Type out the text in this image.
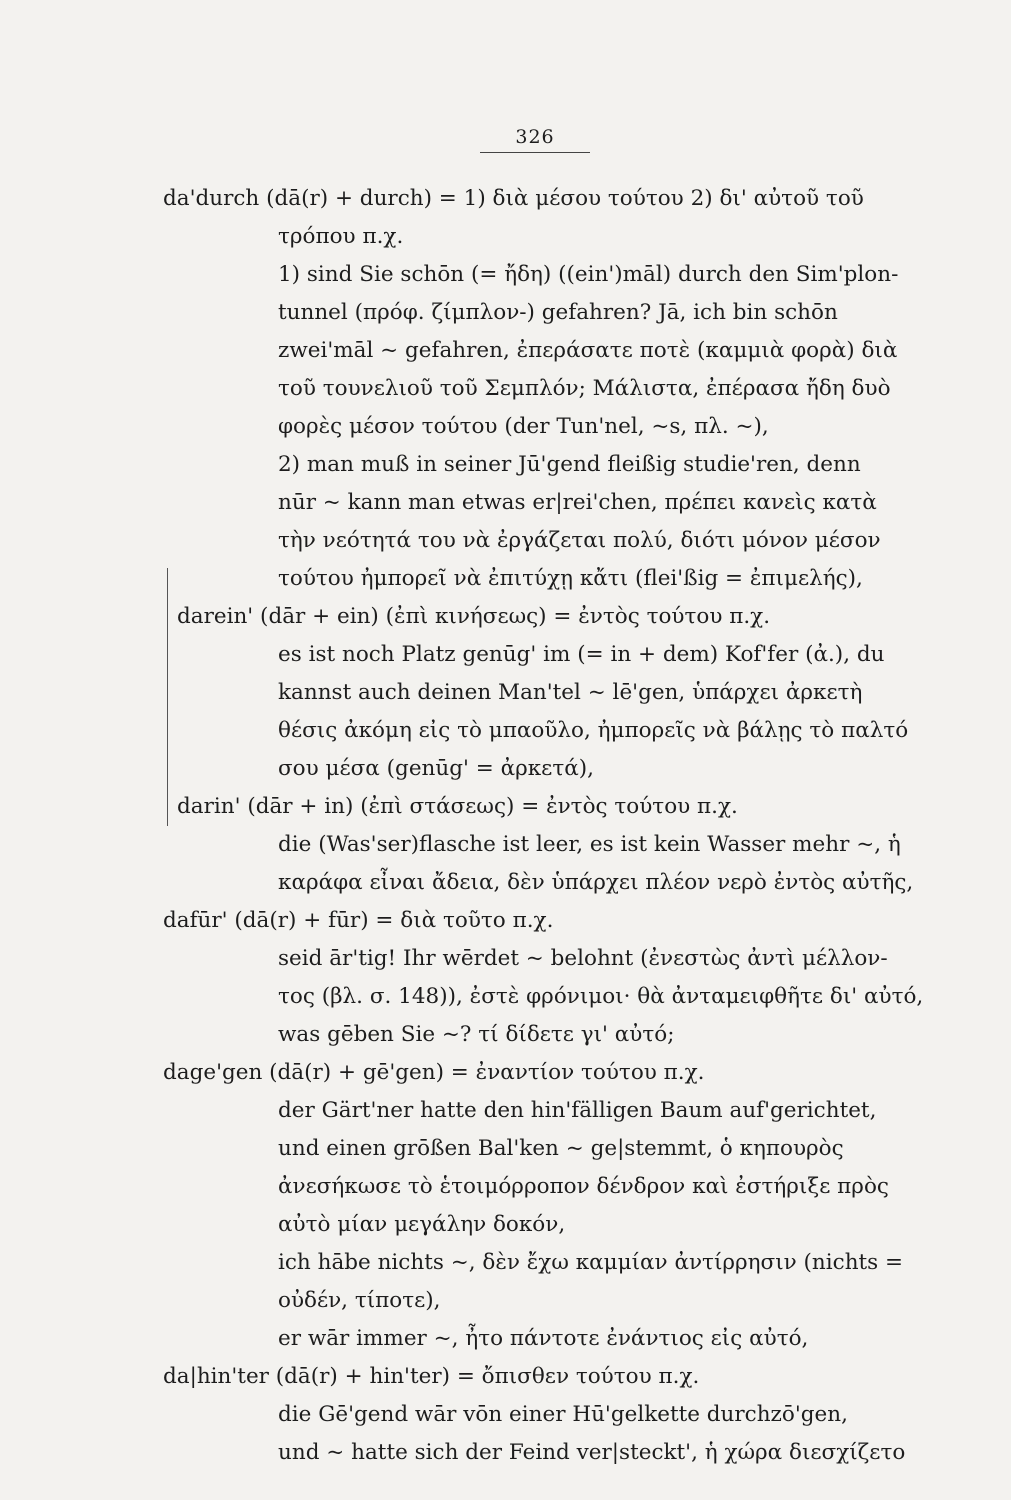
326
da'durch (dā(r) + durch) = 1) διὰ μέσου τούτου 2) δι' αὐτοῦ τοῦ
τρόπου π.χ.
1) sind Sie schōn (= ἤδη) ((ein')māl) durch den Sim'plon-
tunnel (πρόφ. ζίμπλον-) gefahren? Jā, ich bin schōn
zwei'māl ~ gefahren, ἐπεράσατε ποτὲ (καμμιὰ φορὰ) διὰ
τοῦ τουνελιοῦ τοῦ Σεμπλόν; Μάλιστα, ἐπέρασα ἤδη δυὸ
φορὲς μέσον τούτου (der Tun'nel, ~s, πλ. ~),
2) man muß in seiner Jū'gend fleißig studie'ren, denn
nūr ~ kann man etwas er|rei'chen, πρέπει κανεὶς κατὰ
τὴν νεότητά του νὰ ἐργάζεται πολύ, διότι μόνον μέσον
τούτου ἠμπορεῖ νὰ ἐπιτύχῃ κἄτι (flei'ßig = ἐπιμελής),
darein' (dār + ein) (ἐπὶ κινήσεως) = ἐντὸς τούτου π.χ.
es ist noch Platz genūg' im (= in + dem) Kof'fer (ἀ.), du
kannst auch deinen Man'tel ~ lē'gen, ὑπάρχει ἀρκετὴ
θέσις ἀκόμη εἰς τὸ μπαοῦλο, ἠμπορεῖς νὰ βάλῃς τὸ παλτό
σου μέσα (genūg' = ἀρκετά),
darin' (dār + in) (ἐπὶ στάσεως) = ἐντὸς τούτου π.χ.
die (Was'ser)flasche ist leer, es ist kein Wasser mehr ~, ἡ
καράφα εἶναι ἄδεια, δὲν ὑπάρχει πλέον νερὸ ἐντὸς αὐτῆς,
dafūr' (dā(r) + fūr) = διὰ τοῦτο π.χ.
seid ār'tig! Ihr wērdet ~ belohnt (ἐνεστὼς ἀντὶ μέλλον-
τος (βλ. σ. 148)), ἐστὲ φρόνιμοι· θὰ ἀνταμειφθῆτε δι' αὐτό,
was gēben Sie ~? τί δίδετε γι' αὐτό;
dage'gen (dā(r) + gē'gen) = ἐναντίον τούτου π.χ.
der Gärt'ner hatte den hin'fälligen Baum auf'gerichtet,
und einen grōßen Bal'ken ~ ge|stemmt, ὁ κηπουρὸς
ἀνεσήκωσε τὸ ἑτοιμόρροπον δένδρον καὶ ἐστήριξε πρὸς
αὐτὸ μίαν μεγάλην δοκόν,
ich hābe nichts ~, δὲν ἔχω καμμίαν ἀντίρρησιν (nichts =
οὐδέν, τίποτε),
er wār immer ~, ἦτο πάντοτε ἐνάντιος εἰς αὐτό,
da|hin'ter (dā(r) + hin'ter) = ὄπισθεν τούτου π.χ.
die Gē'gend wār vōn einer Hū'gelkette durchzō'gen,
und ~ hatte sich der Feind ver|steckt', ἡ χώρα διεσχίζετο
